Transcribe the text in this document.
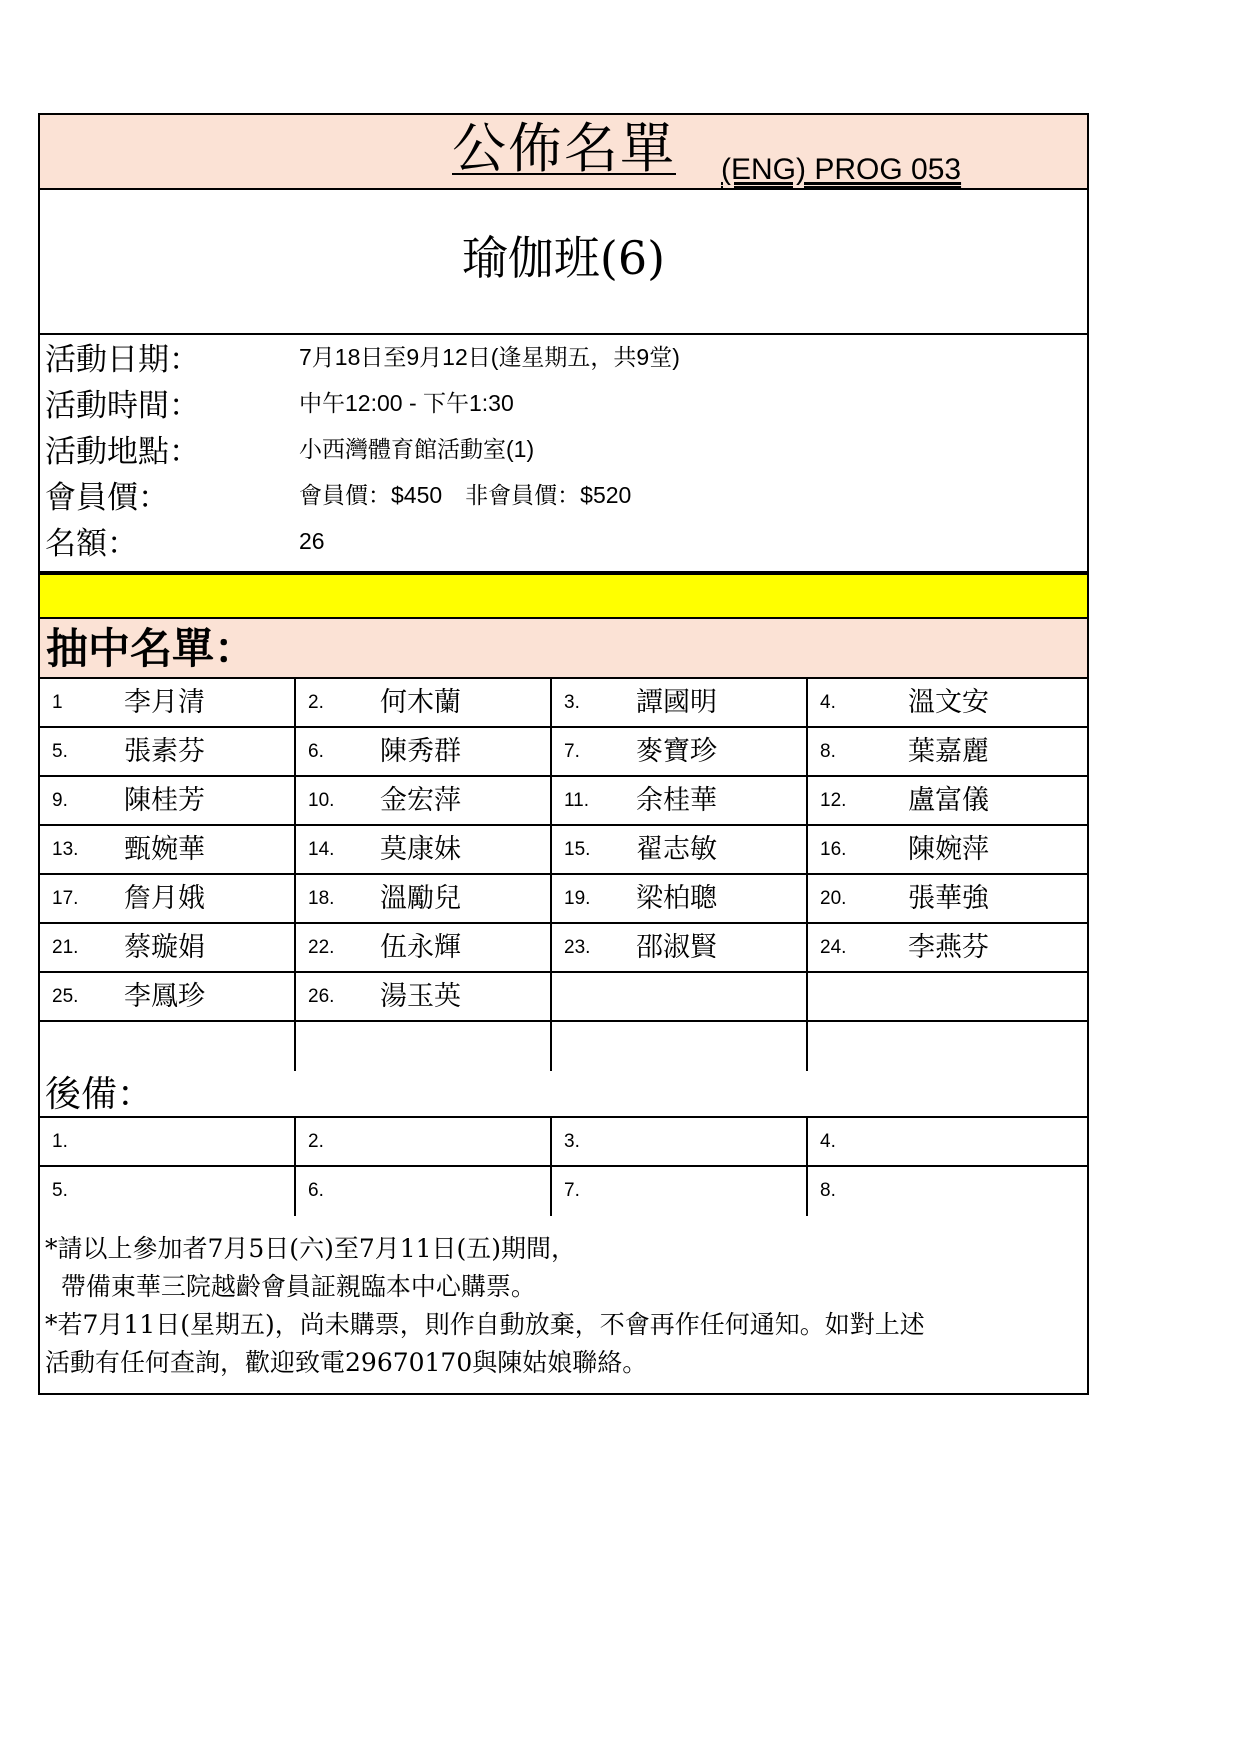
公佈名單 (ENG) PROG 053
瑜伽班(6)
活動日期：	7月18日至9月12日(逢星期五，共9堂)
活動時間：	中午12:00 - 下午1:30
活動地點：	小西灣體育館活動室(1)
會員價：	會員價：$450　非會員價：$520
名額：	26
抽中名單：
1 李月清	2. 何木蘭	3. 譚國明	4.	溫文安
5. 張素芬	6. 陳秀群	7. 麥寶珍	8.	葉嘉麗
9. 陳桂芳	10. 金宏萍	11. 余桂華	12. 盧富儀
13. 甄婉華	14. 莫康妹	15. 翟志敏	16. 陳婉萍
17. 詹月娥	18. 溫勵兒	19. 梁柏聰	20. 張華強
21. 蔡璇娟	22. 伍永輝	23. 邵淑賢	24. 李燕芬
25. 李鳳珍	26. 湯玉英
後備：
1.	2.	3.	4.
5.	6.	7.	8.
*請以上參加者7月5日(六)至7月11日(五)期間，
帶備東華三院越齡會員証親臨本中心購票。
*若7月11日(星期五)，尚未購票，則作自動放棄，不會再作任何通知。如對上述
活動有任何查詢，歡迎致電29670170與陳姑娘聯絡。
